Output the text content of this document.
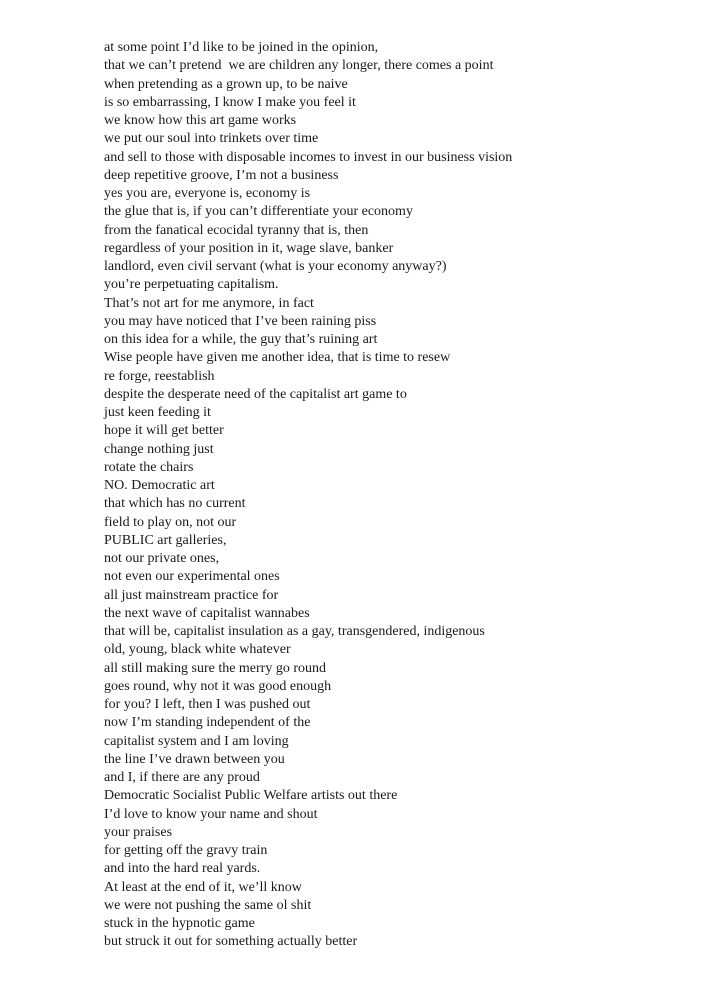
at some point I’d like to be joined in the opinion,
that we can’t pretend  we are children any longer, there comes a point
when pretending as a grown up, to be naive
is so embarrassing, I know I make you feel it
we know how this art game works
we put our soul into trinkets over time
and sell to those with disposable incomes to invest in our business vision
deep repetitive groove, I’m not a business
yes you are, everyone is, economy is
the glue that is, if you can’t differentiate your economy
from the fanatical ecocidal tyranny that is, then
regardless of your position in it, wage slave, banker
landlord, even civil servant (what is your economy anyway?)
you’re perpetuating capitalism.
That’s not art for me anymore, in fact
you may have noticed that I’ve been raining piss
on this idea for a while, the guy that’s ruining art
Wise people have given me another idea, that is time to resew
re forge, reestablish
despite the desperate need of the capitalist art game to
just keen feeding it
hope it will get better
change nothing just
rotate the chairs
NO. Democratic art
that which has no current
field to play on, not our
PUBLIC art galleries,
not our private ones,
not even our experimental ones
all just mainstream practice for
the next wave of capitalist wannabes
that will be, capitalist insulation as a gay, transgendered, indigenous
old, young, black white whatever
all still making sure the merry go round
goes round, why not it was good enough
for you? I left, then I was pushed out
now I’m standing independent of the
capitalist system and I am loving
the line I’ve drawn between you
and I, if there are any proud
Democratic Socialist Public Welfare artists out there
I’d love to know your name and shout
your praises
for getting off the gravy train
and into the hard real yards.
At least at the end of it, we’ll know
we were not pushing the same ol shit
stuck in the hypnotic game
but struck it out for something actually better
